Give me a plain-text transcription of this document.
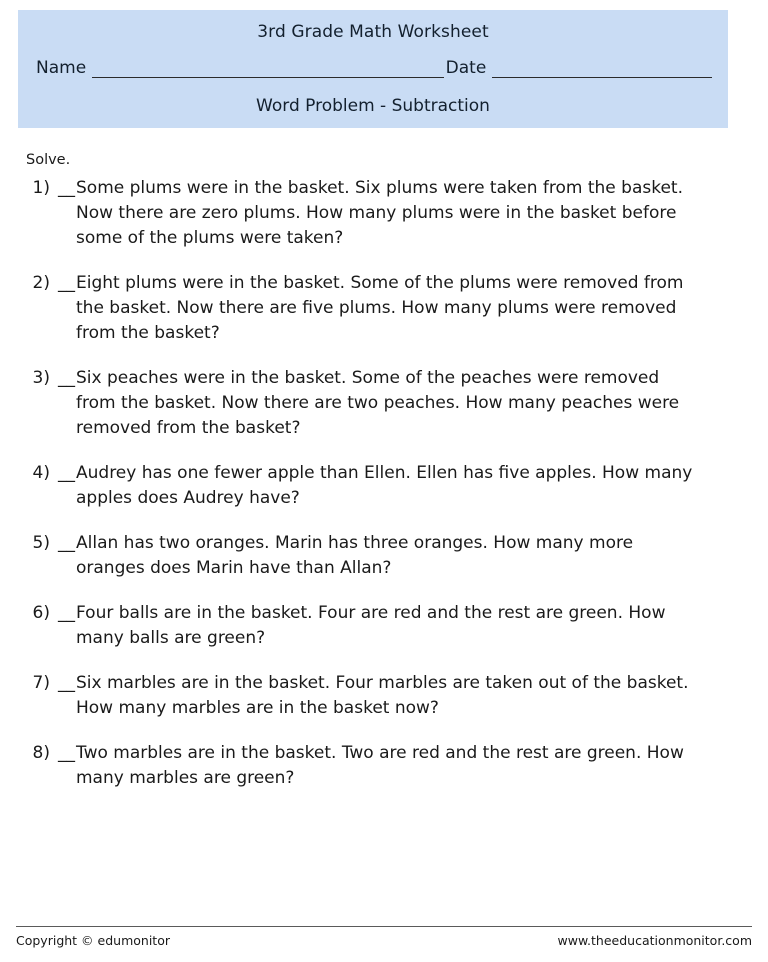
3rd Grade Math Worksheet
Name	Date
Word Problem - Subtraction
Solve.
1) __ Some plums were in the basket. Six plums were taken from the basket. Now there are zero plums. How many plums were in the basket before some of the plums were taken?
2) __ Eight plums were in the basket. Some of the plums were removed from the basket. Now there are five plums. How many plums were removed from the basket?
3) __ Six peaches were in the basket. Some of the peaches were removed from the basket. Now there are two peaches. How many peaches were removed from the basket?
4) __ Audrey has one fewer apple than Ellen. Ellen has five apples. How many apples does Audrey have?
5) __ Allan has two oranges. Marin has three oranges. How many more oranges does Marin have than Allan?
6) __ Four balls are in the basket. Four are red and the rest are green. How many balls are green?
7) __ Six marbles are in the basket. Four marbles are taken out of the basket. How many marbles are in the basket now?
8) __ Two marbles are in the basket. Two are red and the rest are green. How many marbles are green?
Copyright © edumonitor	www.theeducationmonitor.com
